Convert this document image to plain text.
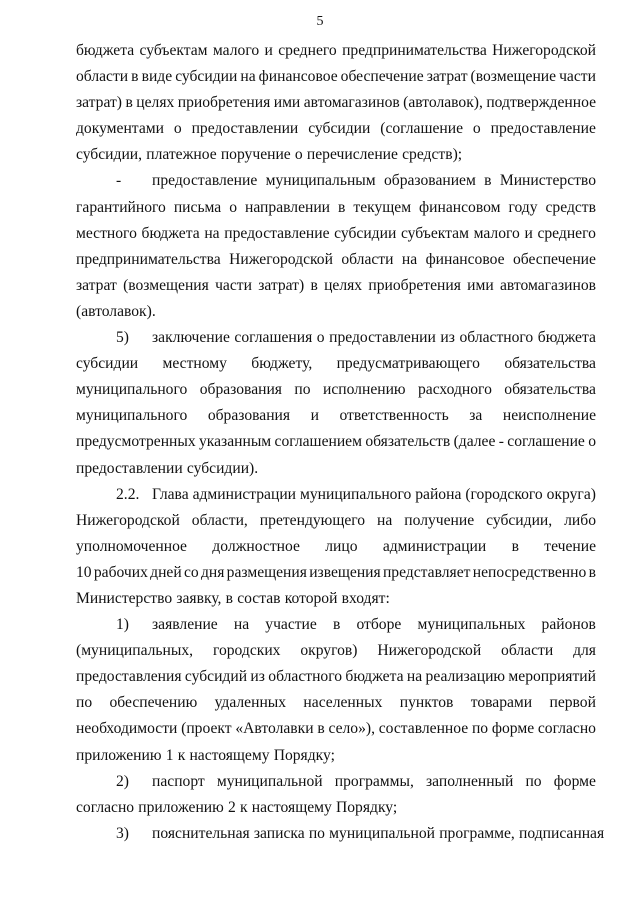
5
бюджета субъектам малого и среднего предпринимательства Нижегородской
области в виде субсидии на финансовое обеспечение затрат (возмещение части
затрат) в целях приобретения ими автомагазинов (автолавок), подтвержденное
документами о предоставлении субсидии (соглашение о предоставление
субсидии, платежное поручение о перечисление средств);
-	предоставление муниципальным образованием в Министерство
гарантийного письма о направлении в текущем финансовом году средств
местного бюджета на предоставление субсидии субъектам малого и среднего
предпринимательства Нижегородской области на финансовое обеспечение
затрат (возмещения части затрат) в целях приобретения ими автомагазинов
(автолавок).
5)	заключение соглашения о предоставлении из областного бюджета
субсидии местному бюджету, предусматривающего обязательства
муниципального образования по исполнению расходного обязательства
муниципального образования и ответственность за неисполнение
предусмотренных указанным соглашением обязательств (далее - соглашение о
предоставлении субсидии).
2.2. Глава администрации муниципального района (городского округа)
Нижегородской области, претендующего на получение субсидии, либо
уполномоченное должностное лицо администрации в течение
10 рабочих дней со дня размещения извещения представляет непосредственно в
Министерство заявку, в состав которой входят:
1)	заявление на участие в отборе муниципальных районов
(муниципальных, городских округов) Нижегородской области для
предоставления субсидий из областного бюджета на реализацию мероприятий
по обеспечению удаленных населенных пунктов товарами первой
необходимости (проект «Автолавки в село»), составленное по форме согласно
приложению 1 к настоящему Порядку;
2)	паспорт муниципальной программы, заполненный по форме
согласно приложению 2 к настоящему Порядку;
3)	пояснительная записка по муниципальной программе, подписанная
